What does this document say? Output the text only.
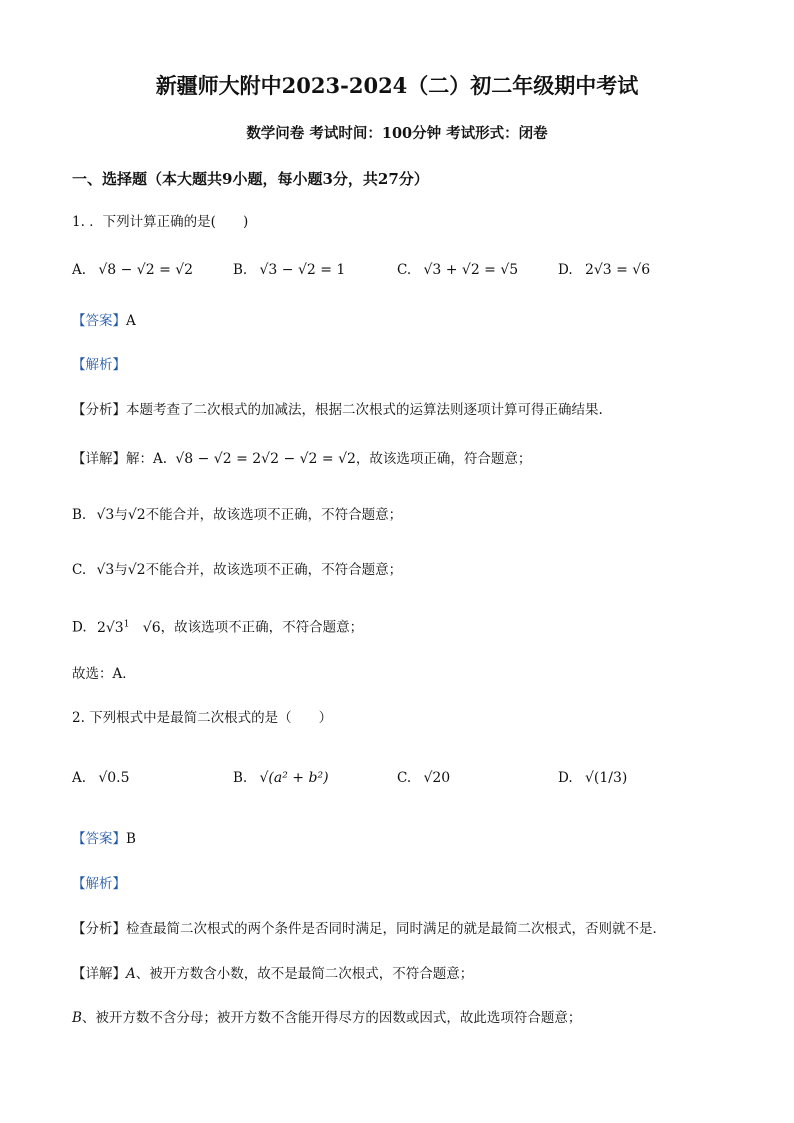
新疆师大附中2023-2024（二）初二年级期中考试
数学问卷 考试时间：100分钟 考试形式：闭卷
一、选择题（本大题共9小题，每小题3分，共27分）
1. ．下列计算正确的是(　　)
A. √8 − √2 = √2	B. √3 − √2 = 1	C. √3 + √2 = √5	D. 2√3 = √6
【答案】A
【解析】
【分析】本题考查了二次根式的加减法，根据二次根式的运算法则逐项计算可得正确结果.
【详解】解：A. √8 − √2 = 2√2 − √2 = √2，故该选项正确，符合题意；
B. √3与√2不能合并，故该选项不正确，不符合题意；
C. √3与√2不能合并，故该选项不正确，不符合题意；
D. $2√3^1$   √6，故该选项不正确，不符合题意；
故选：A．
2. 下列根式中是最简二次根式的是（　　）
A. √0.5	B. √(a² + b²)	C. √20	D. √(1/3)
【答案】B
【解析】
【分析】检查最简二次根式的两个条件是否同时满足，同时满足的就是最简二次根式，否则就不是．
【详解】A、被开方数含小数，故不是最简二次根式，不符合题意；
B、被开方数不含分母；被开方数不含能开得尽方的因数或因式，故此选项符合题意；
